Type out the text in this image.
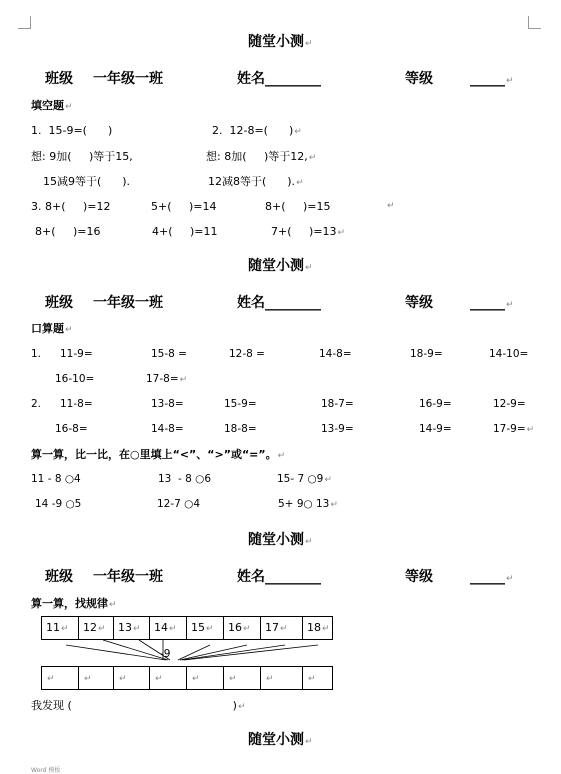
随堂小测↵
班级 一年级一班	姓名________	等级	_____↵
填空题↵
1.  15-9=(      )	2.  12-8=(      )↵
想: 9加(     )等于15,	想: 8加(     )等于12,↵
15减9等于(      ).	12减8等于(      ).↵
3. 8+(     )=12	5+(     )=14	8+(     )=15	↵
8+(     )=16	4+(     )=11	7+(     )=13↵
随堂小测↵
班级 一年级一班	姓名________	等级	_____↵
口算题↵
1. 11-9=	15-8 =	12-8 =	14-8=	18-9=	14-10=
16-10=	17-8=↵
2. 11-8=	13-8=	15-9=	18-7=	16-9=	12-9=
16-8=	14-8=	18-8=	13-9=	14-9=	17-9=↵
算一算，比一比，在○里填上“<”、“>”或“=”。↵
11 - 8 ○4	13  - 8 ○6	15- 7 ○9↵
14 -9 ○5	12-7 ○4	5+ 9○ 13↵
随堂小测↵
班级 一年级一班	姓名________	等级	_____↵
算一算，找规律↵
11↵	12↵	13↵	14↵	15↵	16↵	17↵	18↵
-9
↵	↵	↵	↵	↵	↵	↵	↵
我发现 (                                              )↵
随堂小测↵
Word 模板
